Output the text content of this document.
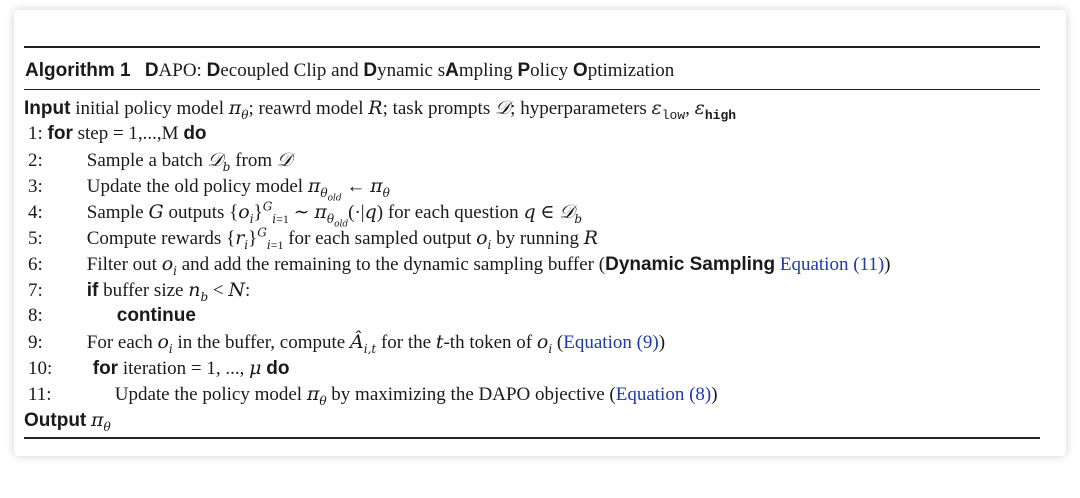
Algorithm 1 DAPO: Decoupled Clip and Dynamic sAmpling Policy Optimization
Input initial policy model $\pi_\theta$; reawrd model R; task prompts 𝒟; hyperparameters $\varepsilon_{low}$, $\varepsilon_{high}$
1: for step = 1,...,M do
2: Sample a batch 𝒟$_b$ from 𝒟
3: Update the old policy model $\pi_{\theta_{old}}$ ← $\pi_\theta$
4: Sample G outputs $\{o_i\}^G_{i=1}$ ∼ $\pi_{\theta_{old}}(\cdot|q)$ for each question q ∈ 𝒟$_b$
5: Compute rewards $\{r_i\}^G_{i=1}$ for each sampled output $o_i$ by running R
6: Filter out $o_i$ and add the remaining to the dynamic sampling buffer (Dynamic Sampling Equation (11))
7: if buffer size $n_b < N$:
8:	continue
9: For each $o_i$ in the buffer, compute $Â_{i,t}$ for the t-th token of $o_i$ (Equation (9))
10: for iteration = 1, ..., μ do
11:	Update the policy model $\pi_\theta$ by maximizing the DAPO objective (Equation (8))
Output $\pi_\theta$
